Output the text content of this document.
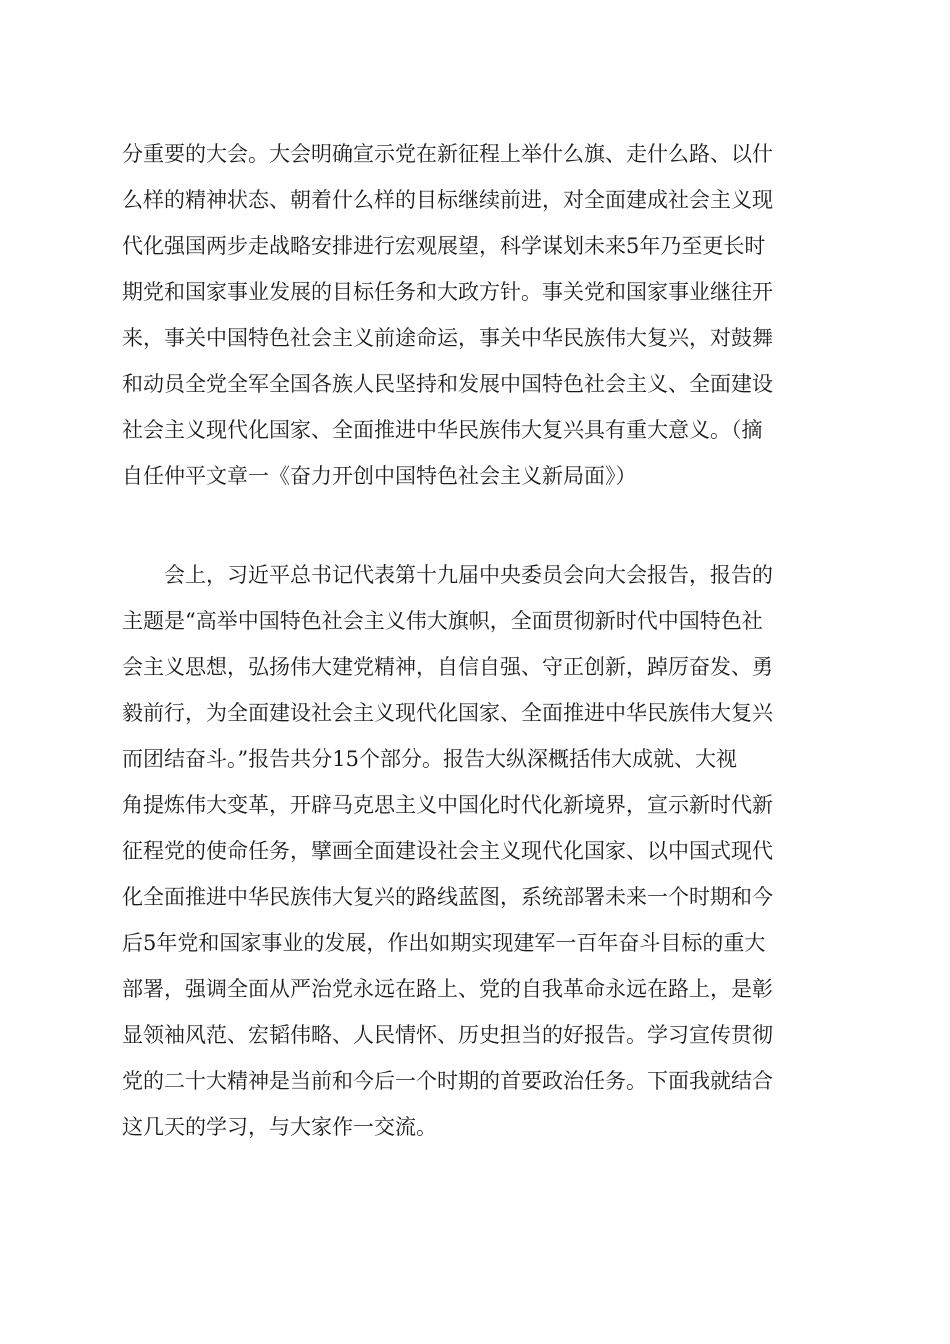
分重要的大会。大会明确宣示党在新征程上举什么旗、走什么路、以什
么样的精神状态、朝着什么样的目标继续前进，对全面建成社会主义现
代化强国两步走战略安排进行宏观展望，科学谋划未来5年乃至更长时
期党和国家事业发展的目标任务和大政方针。事关党和国家事业继往开
来，事关中国特色社会主义前途命运，事关中华民族伟大复兴，对鼓舞
和动员全党全军全国各族人民坚持和发展中国特色社会主义、全面建设
社会主义现代化国家、全面推进中华民族伟大复兴具有重大意义。（摘
自任仲平文章一《奋力开创中国特色社会主义新局面》）
会上，习近平总书记代表第十九届中央委员会向大会报告，报告的
主题是“高举中国特色社会主义伟大旗帜，全面贯彻新时代中国特色社
会主义思想，弘扬伟大建党精神，自信自强、守正创新，踔厉奋发、勇
毅前行，为全面建设社会主义现代化国家、全面推进中华民族伟大复兴
而团结奋斗。”报告共分15个部分。报告大纵深概括伟大成就、大视
角提炼伟大变革，开辟马克思主义中国化时代化新境界，宣示新时代新
征程党的使命任务，擘画全面建设社会主义现代化国家、以中国式现代
化全面推进中华民族伟大复兴的路线蓝图，系统部署未来一个时期和今
后5年党和国家事业的发展，作出如期实现建军一百年奋斗目标的重大
部署，强调全面从严治党永远在路上、党的自我革命永远在路上，是彰
显领袖风范、宏韬伟略、人民情怀、历史担当的好报告。学习宣传贯彻
党的二十大精神是当前和今后一个时期的首要政治任务。下面我就结合
这几天的学习，与大家作一交流。
